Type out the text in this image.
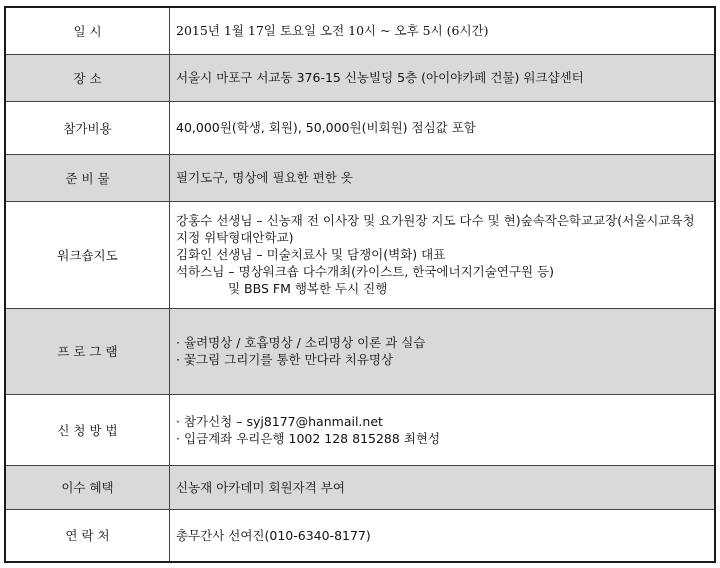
일 시	2015년 1월 17일 토요일 오전 10시 ~ 오후 5시 (6시간)

장 소	서울시 마포구 서교동 376-15 신농빌딩 5층 (아이야카페 건물) 워크샵센터

참가비용	40,000원(학생, 회원), 50,000원(비회원) 점심값 포함

준 비 물	필기도구, 명상에 필요한 편한 옷

워크숍지도	강홍수 선생님 – 신농재 전 이사장 및 요가원장 지도 다수 및 현)숲속작은학교교장(서울시교육청 지정 위탁형대안학교)
김화인 선생님 – 미술치료사 및 담쟁이(벽화) 대표
석하스님 – 명상워크숍 다수개최(카이스트, 한국에너지기술연구원 등)
및 BBS FM 행복한 두시 진행

프 로 그 램	· 율려명상 / 호흡명상 / 소리명상 이론 과 실습
· 꽃그림 그리기를 통한 만다라 치유명상

신 청 방 법	· 참가신청 – syj8177@hanmail.net
· 입금계좌 우리은행 1002 128 815288 최현성

이수 혜택	신농재 아카데미 회원자격 부여

연 락 처	총무간사 선여진(010-6340-8177)
